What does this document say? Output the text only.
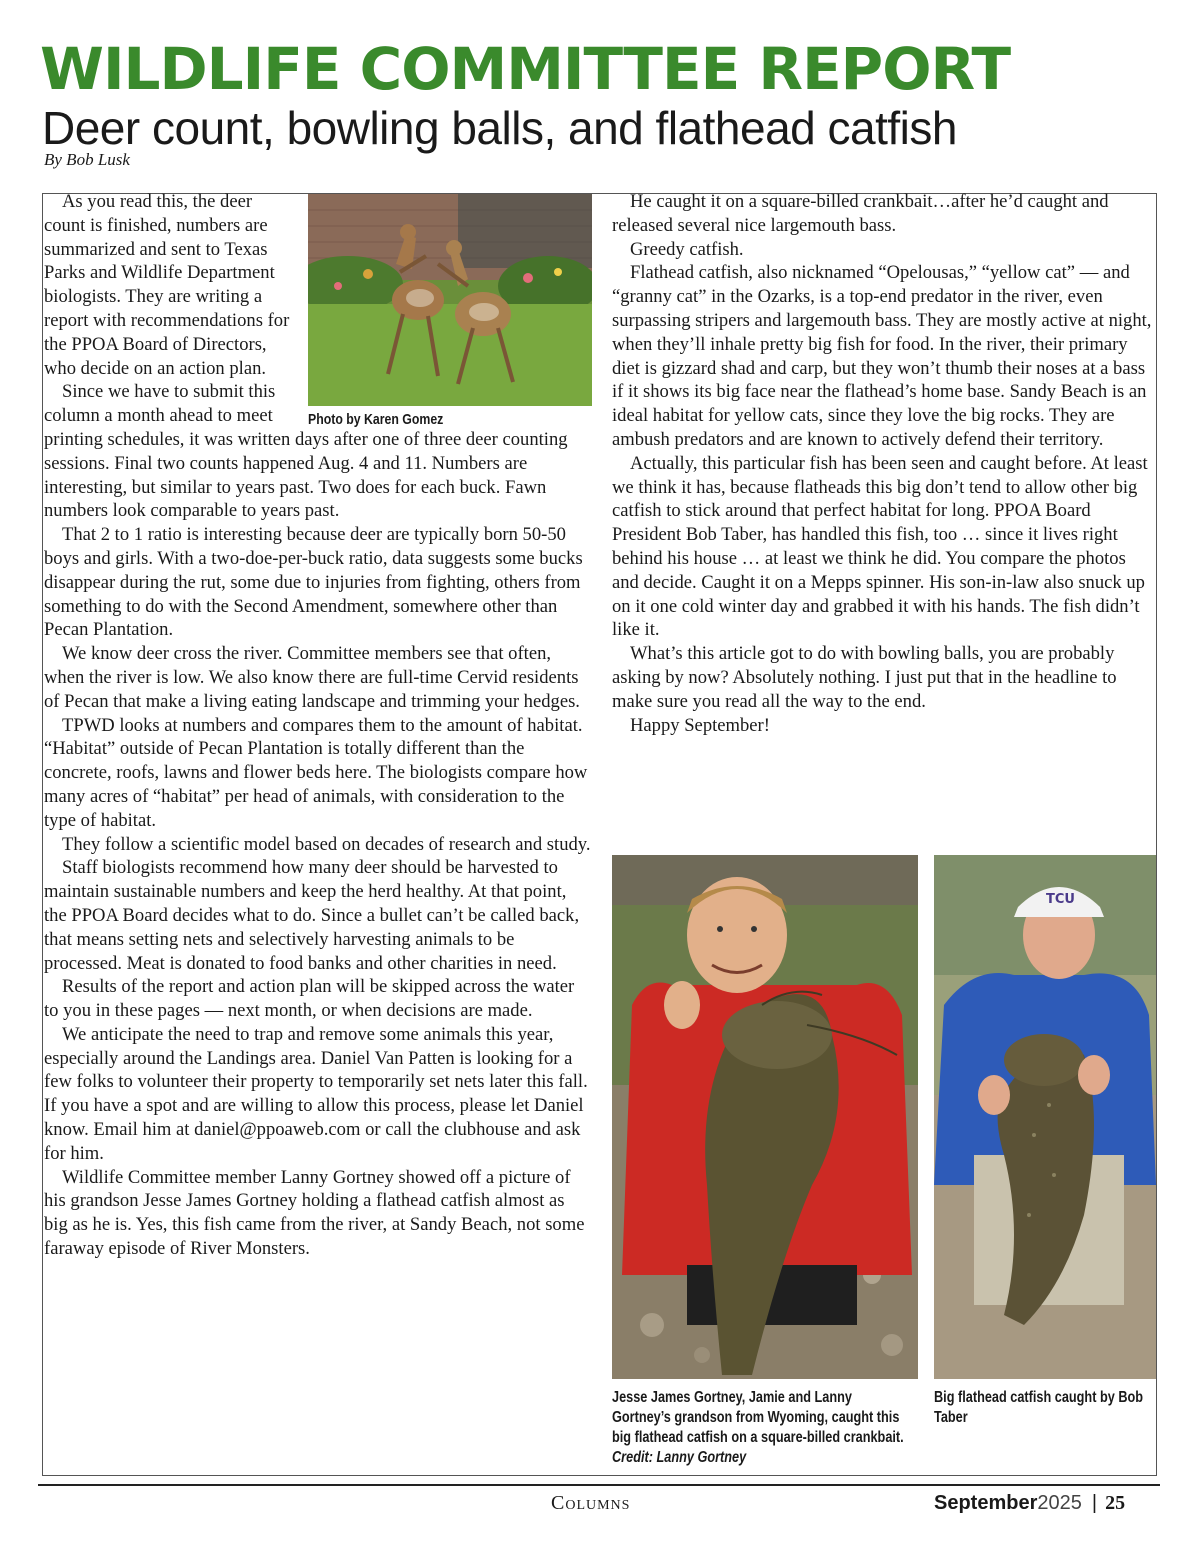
WILDLIFE COMMITTEE REPORT
Deer count, bowling balls, and flathead catfish
By Bob Lusk
Photo by Karen Gomez

As you read this, the deer count is finished, numbers are summarized and sent to Texas Parks and Wildlife Department biologists. They are writing a report with recommendations for the PPOA Board of Directors, who decide on an action plan.

Since we have to submit this column a month ahead to meet printing schedules, it was written days after one of three deer counting sessions. Final two counts happened Aug. 4 and 11. Numbers are interesting, but similar to years past. Two does for each buck. Fawn numbers look comparable to years past.

That 2 to 1 ratio is interesting because deer are typically born 50-50 boys and girls. With a two-doe-per-buck ratio, data suggests some bucks disappear during the rut, some due to injuries from fighting, others from something to do with the Second Amendment, somewhere other than Pecan Plantation.

We know deer cross the river. Committee members see that often, when the river is low. We also know there are full-time Cervid residents of Pecan that make a living eating landscape and trimming your hedges.

TPWD looks at numbers and compares them to the amount of habitat. “Habitat” outside of Pecan Plantation is totally different than the concrete, roofs, lawns and flower beds here. The biologists compare how many acres of “habitat” per head of animals, with consideration to the type of habitat.

They follow a scientific model based on decades of research and study.

Staff biologists recommend how many deer should be harvested to maintain sustainable numbers and keep the herd healthy. At that point, the PPOA Board decides what to do. Since a bullet can’t be called back, that means setting nets and selectively harvesting animals to be processed. Meat is donated to food banks and other charities in need.

Results of the report and action plan will be skipped across the water to you in these pages — next month, or when decisions are made.

We anticipate the need to trap and remove some animals this year, especially around the Landings area. Daniel Van Patten is looking for a few folks to volunteer their property to temporarily set nets later this fall. If you have a spot and are willing to allow this process, please let Daniel know. Email him at daniel@ppoaweb.com or call the clubhouse and ask for him.

Wildlife Committee member Lanny Gortney showed off a picture of his grandson Jesse James Gortney holding a flathead catfish almost as big as he is. Yes, this fish came from the river, at Sandy Beach, not some faraway episode of River Monsters.

He caught it on a square-billed crankbait…after he’d caught and released several nice largemouth bass.

Greedy catfish.

Flathead catfish, also nicknamed “Opelousas,” “yellow cat” — and “granny cat” in the Ozarks, is a top-end predator in the river, even surpassing stripers and largemouth bass. They are mostly active at night, when they’ll inhale pretty big fish for food. In the river, their primary diet is gizzard shad and carp, but they won’t thumb their noses at a bass if it shows its big face near the flathead’s home base. Sandy Beach is an ideal habitat for yellow cats, since they love the big rocks. They are ambush predators and are known to actively defend their territory.

Actually, this particular fish has been seen and caught before. At least we think it has, because flatheads this big don’t tend to allow other big catfish to stick around that perfect habitat for long. PPOA Board President Bob Taber, has handled this fish, too … since it lives right behind his house … at least we think he did. You compare the photos and decide. Caught it on a Mepps spinner. His son-in-law also snuck up on it one cold winter day and grabbed it with his hands. The fish didn’t like it.

What’s this article got to do with bowling balls, you are probably asking by now? Absolutely nothing. I just put that in the headline to make sure you read all the way to the end.

Happy September!

Jesse James Gortney, Jamie and Lanny Gortney’s grandson from Wyoming, caught this big flathead catfish on a square-billed crankbait.
Credit: Lanny Gortney
TCU
Big flathead catfish caught by Bob Taber
Columns	September2025 | 25
